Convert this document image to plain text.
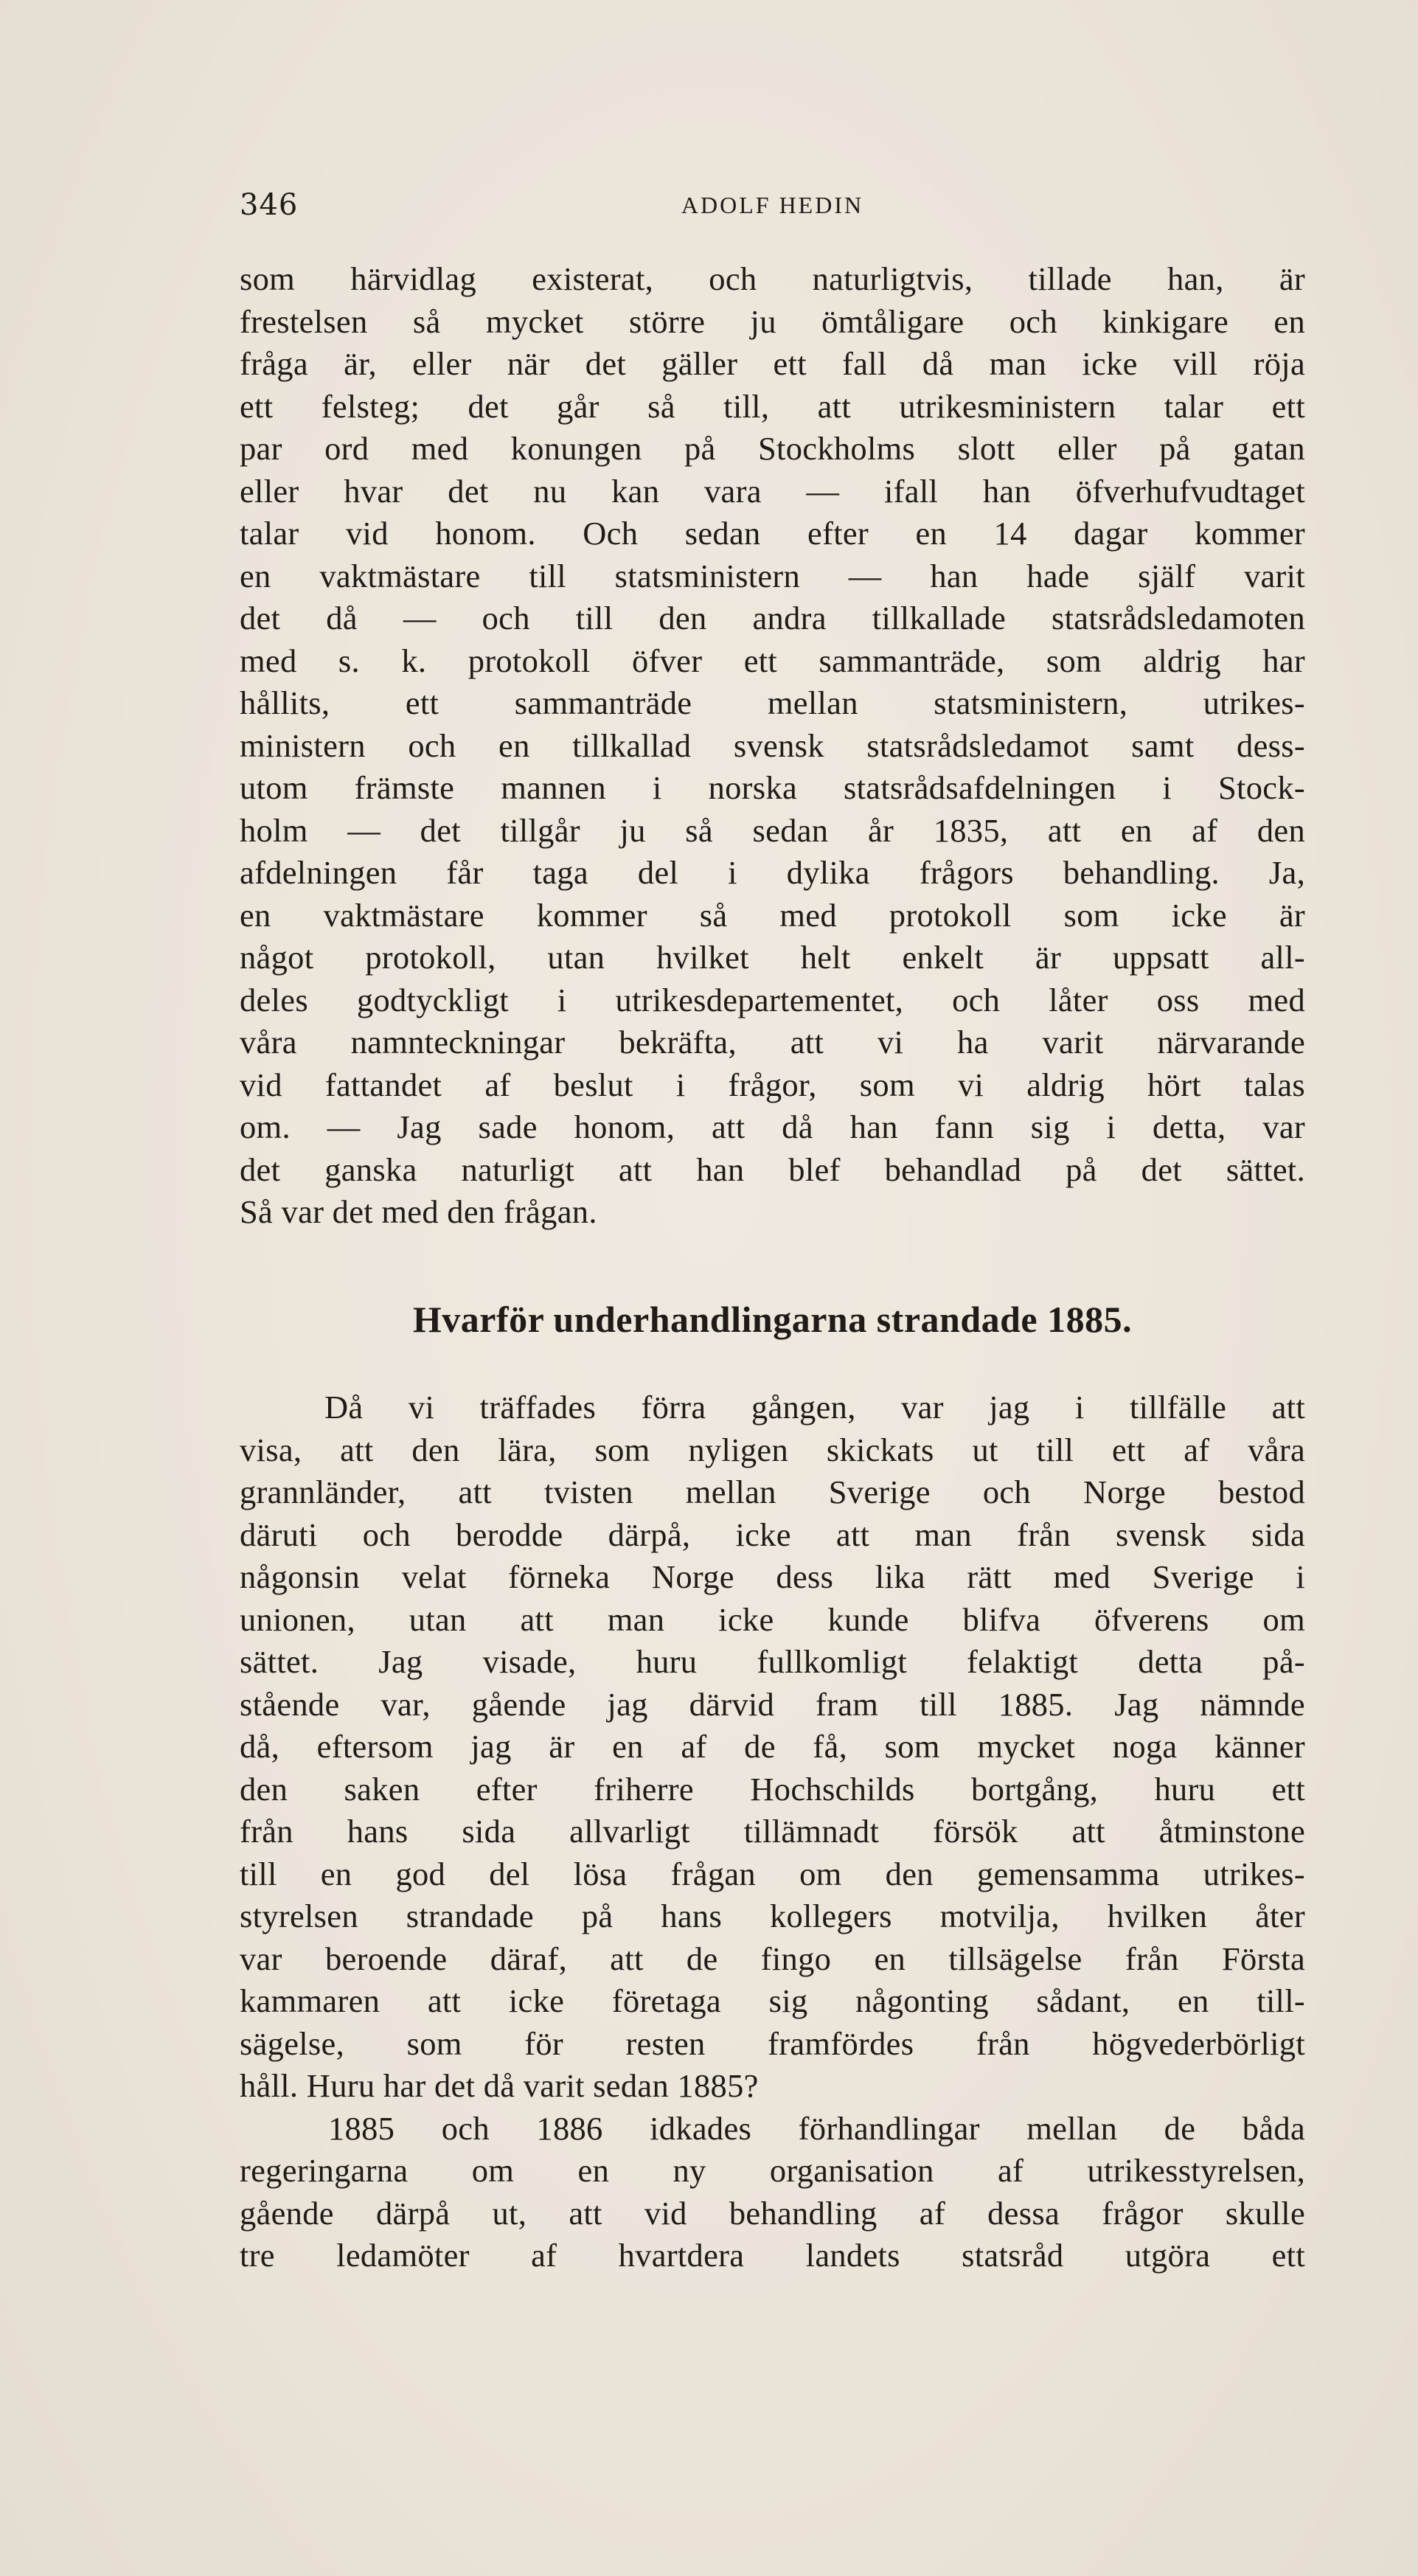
346	ADOLF HEDIN
som härvidlag existerat, och naturligtvis, tillade han, är
frestelsen så mycket större ju ömtåligare och kinkigare en
fråga är, eller när det gäller ett fall då man icke vill röja
ett felsteg; det går så till, att utrikesministern talar ett
par ord med konungen på Stockholms slott eller på gatan
eller hvar det nu kan vara — ifall han öfverhufvudtaget
talar vid honom. Och sedan efter en 14 dagar kommer
en vaktmästare till statsministern — han hade själf varit
det då — och till den andra tillkallade statsrådsledamoten
med s. k. protokoll öfver ett sammanträde, som aldrig har
hållits, ett sammanträde mellan statsministern, utrikes-
ministern och en tillkallad svensk statsrådsledamot samt dess-
utom främste mannen i norska statsrådsafdelningen i Stock-
holm — det tillgår ju så sedan år 1835, att en af den
afdelningen får taga del i dylika frågors behandling. Ja,
en vaktmästare kommer så med protokoll som icke är
något protokoll, utan hvilket helt enkelt är uppsatt all-
deles godtyckligt i utrikesdepartementet, och låter oss med
våra namnteckningar bekräfta, att vi ha varit närvarande
vid fattandet af beslut i frågor, som vi aldrig hört talas
om. — Jag sade honom, att då han fann sig i detta, var
det ganska naturligt att han blef behandlad på det sättet.
Så var det med den frågan.
Hvarför underhandlingarna strandade 1885.
Då vi träffades förra gången, var jag i tillfälle att
visa, att den lära, som nyligen skickats ut till ett af våra
grannländer, att tvisten mellan Sverige och Norge bestod
däruti och berodde därpå, icke att man från svensk sida
någonsin velat förneka Norge dess lika rätt med Sverige i
unionen, utan att man icke kunde blifva öfverens om
sättet. Jag visade, huru fullkomligt felaktigt detta på-
stående var, gående jag därvid fram till 1885. Jag nämnde
då, eftersom jag är en af de få, som mycket noga känner
den saken efter friherre Hochschilds bortgång, huru ett
från hans sida allvarligt tillämnadt försök att åtminstone
till en god del lösa frågan om den gemensamma utrikes-
styrelsen strandade på hans kollegers motvilja, hvilken åter
var beroende däraf, att de fingo en tillsägelse från Första
kammaren att icke företaga sig någonting sådant, en till-
sägelse, som för resten framfördes från högvederbörligt
håll. Huru har det då varit sedan 1885?
1885 och 1886 idkades förhandlingar mellan de båda
regeringarna om en ny organisation af utrikesstyrelsen,
gående därpå ut, att vid behandling af dessa frågor skulle
tre ledamöter af hvartdera landets statsråd utgöra ett
